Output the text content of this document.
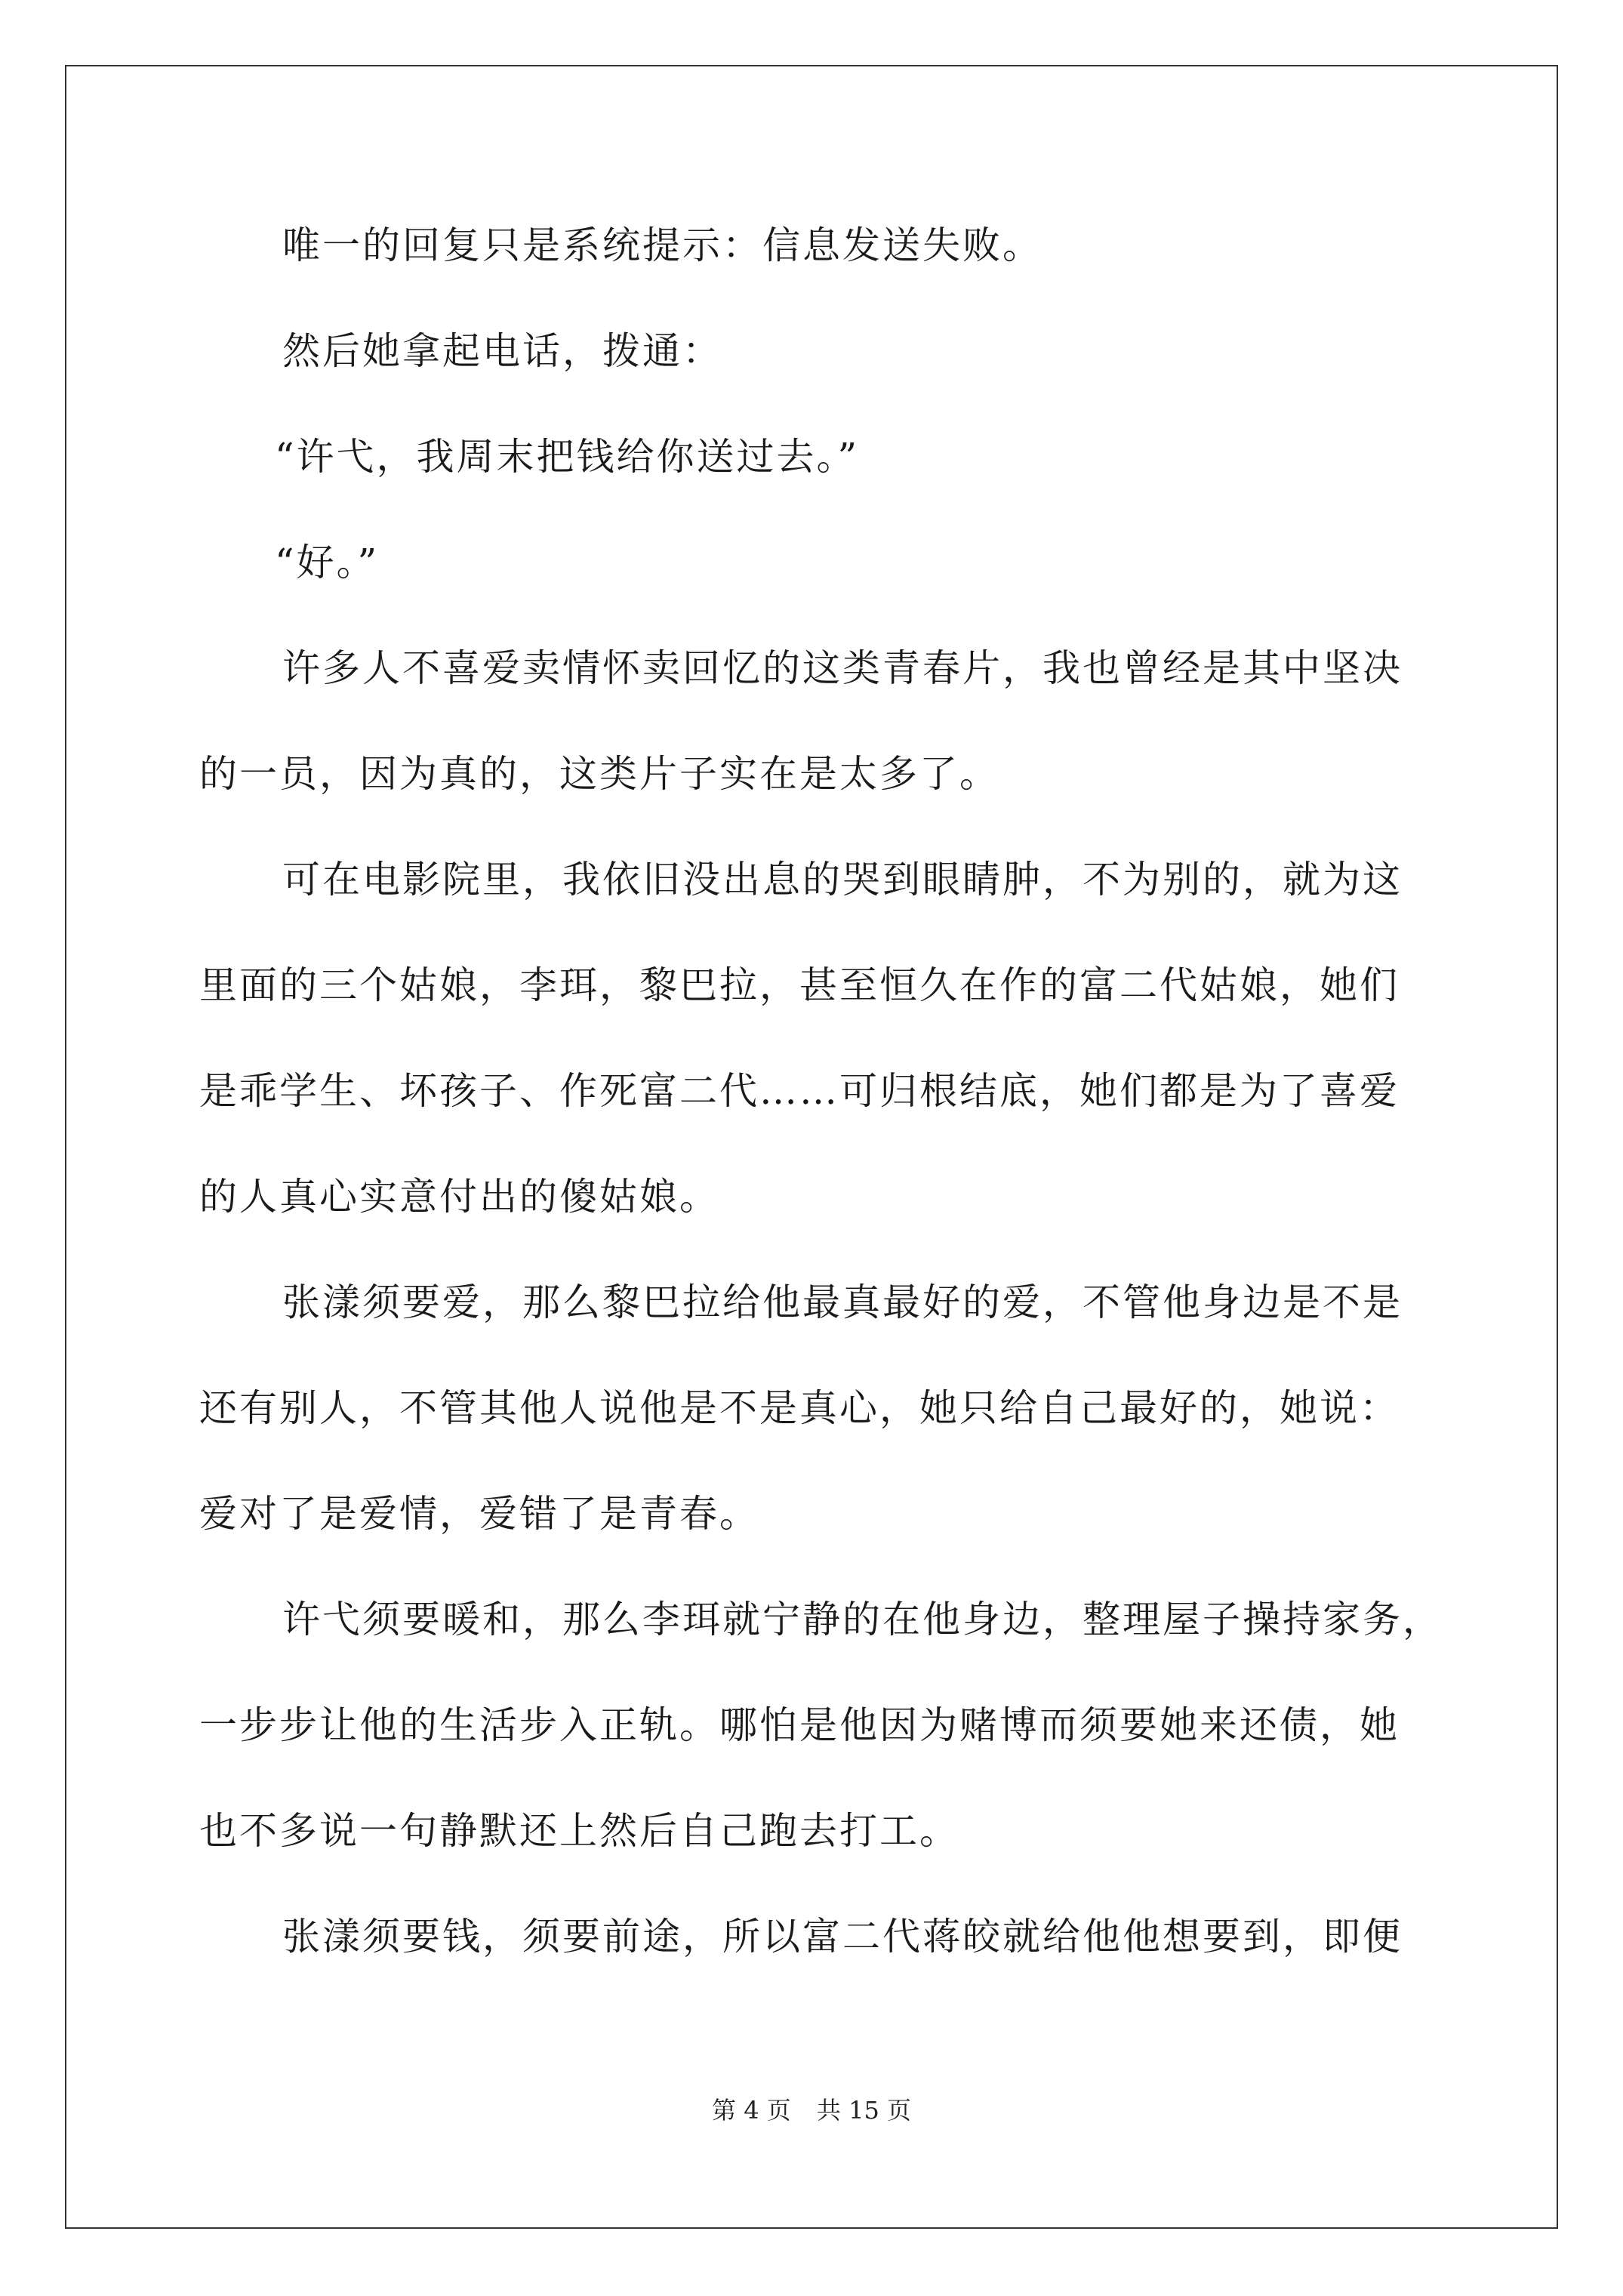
唯一的回复只是系统提示：信息发送失败。
然后她拿起电话，拨通：
“许弋，我周末把钱给你送过去。”
“好。”
许多人不喜爱卖情怀卖回忆的这类青春片，我也曾经是其中坚决
的一员，因为真的，这类片子实在是太多了。
可在电影院里，我依旧没出息的哭到眼睛肿，不为别的，就为这
里面的三个姑娘，李珥，黎巴拉，甚至恒久在作的富二代姑娘，她们
是乖学生、坏孩子、作死富二代……可归根结底，她们都是为了喜爱
的人真心实意付出的傻姑娘。
张漾须要爱，那么黎巴拉给他最真最好的爱，不管他身边是不是
还有别人，不管其他人说他是不是真心，她只给自己最好的，她说：
爱对了是爱情，爱错了是青春。
许弋须要暖和，那么李珥就宁静的在他身边，整理屋子操持家务，
一步步让他的生活步入正轨。哪怕是他因为赌博而须要她来还债，她
也不多说一句静默还上然后自己跑去打工。
张漾须要钱，须要前途，所以富二代蒋皎就给他他想要到，即便
第 4 页 共 15 页
